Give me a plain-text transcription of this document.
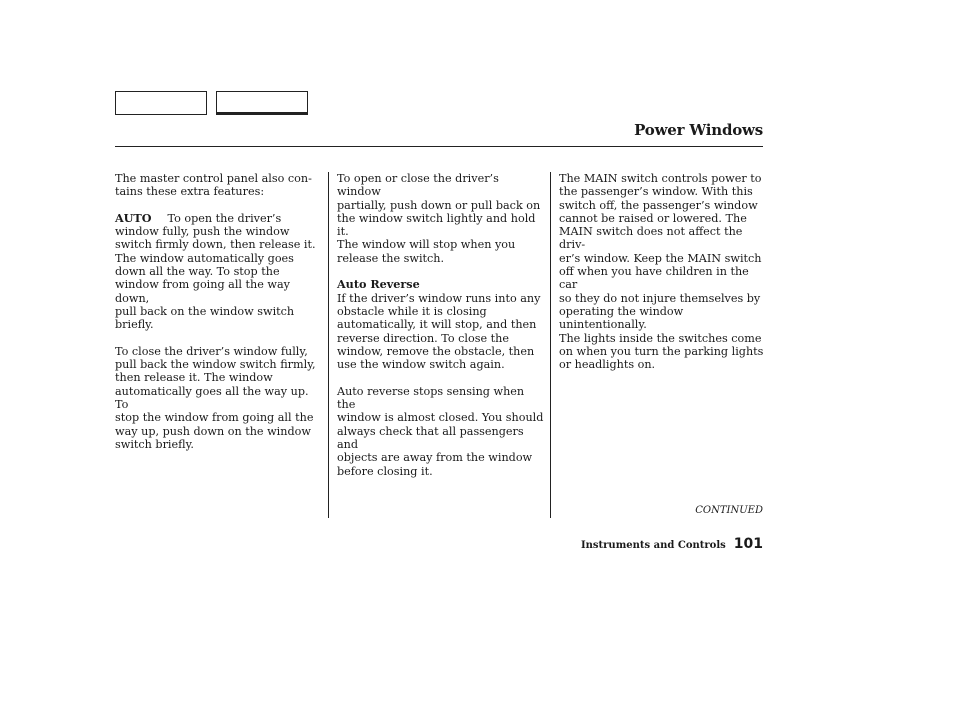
Power Windows

The master control panel also con-
tains these extra features:

AUTO To open the driver’s
window fully, push the window
switch firmly down, then release it.
The window automatically goes
down all the way. To stop the
window from going all the way down,
pull back on the window switch
briefly.

To close the driver’s window fully,
pull back the window switch firmly,
then release it. The window
automatically goes all the way up. To
stop the window from going all the
way up, push down on the window
switch briefly.

To open or close the driver’s window
partially, push down or pull back on
the window switch lightly and hold it.
The window will stop when you
release the switch.

Auto Reverse
If the driver’s window runs into any
obstacle while it is closing
automatically, it will stop, and then
reverse direction. To close the
window, remove the obstacle, then
use the window switch again.

Auto reverse stops sensing when the
window is almost closed. You should
always check that all passengers and
objects are away from the window
before closing it.

The MAIN switch controls power to
the passenger’s window. With this
switch off, the passenger’s window
cannot be raised or lowered. The
MAIN switch does not affect the driv-
er’s window. Keep the MAIN switch
off when you have children in the car
so they do not injure themselves by
operating the window unintentionally.
The lights inside the switches come
on when you turn the parking lights
or headlights on.

CONTINUED
Instruments and Controls 101
